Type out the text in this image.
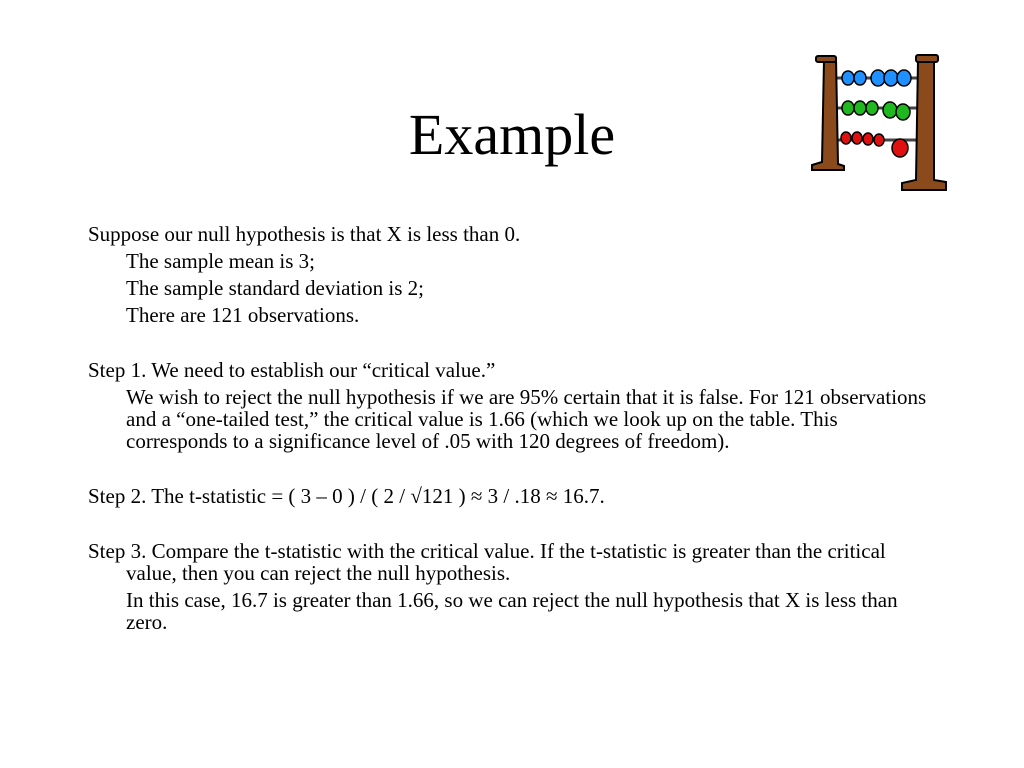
Example

Suppose our null hypothesis is that X is less than 0.

The sample mean is 3;

The sample standard deviation is 2;

There are 121 observations.

Step 1. We need to establish our “critical value.”

We wish to reject the null hypothesis if we are 95% certain that it is false. For 121 observations and a “one-tailed test,” the critical value is 1.66 (which we look up on the table. This corresponds to a significance level of .05 with 120 degrees of freedom).

Step 2. The t-statistic = ( 3 – 0 ) / ( 2 / √121 ) ≈ 3 / .18 ≈ 16.7.

Step 3. Compare the t-statistic with the critical value. If the t-statistic is greater than the critical value, then you can reject the null hypothesis.

In this case, 16.7 is greater than 1.66, so we can reject the null hypothesis that X is less than zero.
